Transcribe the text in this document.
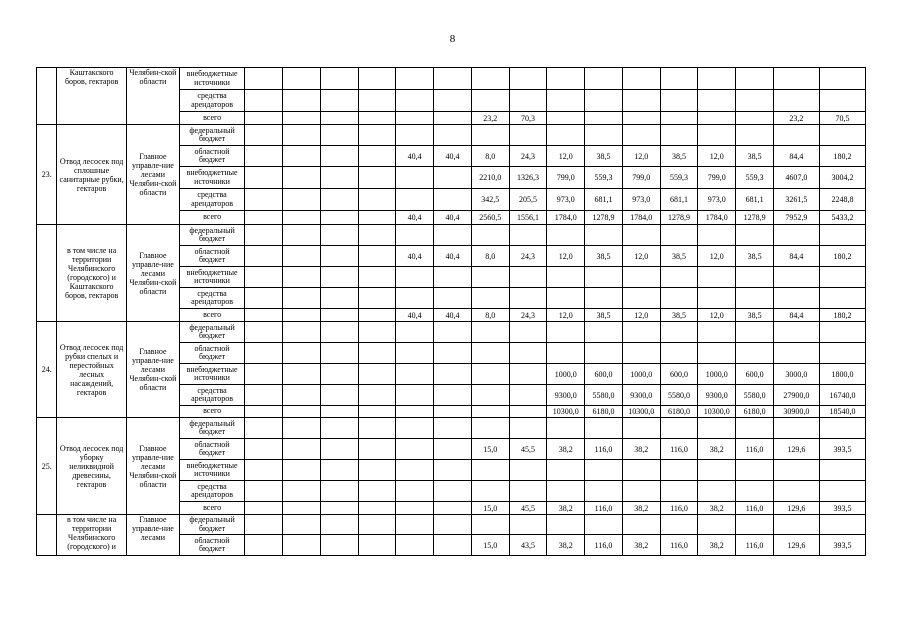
8
	Каштакского боров, гектаров	Челябин-ской области	внебюджетные источники																
			средства арендаторов																
			всего							23,2	70,3							23,2	70,5
23.	Отвод лесосек под сплошные санитарные рубки, гектаров	Главное управле-ние лесами Челябин-ской области	федеральный бюджет																
			областной бюджет					40,4	40,4	8,0	24,3	12,0	38,5	12,0	38,5	12,0	38,5	84,4	180,2
			внебюджетные источники							2210,0	1326,3	799,0	559,3	799,0	559,3	799,0	559,3	4607,0	3004,2
			средства арендаторов							342,5	205,5	973,0	681,1	973,0	681,1	973,0	681,1	3261,5	2248,8
			всего					40,4	40,4	2560,5	1556,1	1784,0	1278,9	1784,0	1278,9	1784,0	1278,9	7952,9	5433,2
	в том числе на территории Челябинского (городского) и Каштакского боров, гектаров	Главное управле-ние лесами Челябин-ской области	федеральный бюджет																
			областной бюджет					40,4	40,4	8,0	24,3	12,0	38,5	12,0	38,5	12,0	38,5	84,4	180,2
			внебюджетные источники																
			средства арендаторов																
			всего					40,4	40,4	8,0	24,3	12,0	38,5	12,0	38,5	12,0	38,5	84,4	180,2
24.	Отвод лесосек под рубки спелых и перестойных лесных насаждений, гектаров	Главное управле-ние лесами Челябин-ской области	федеральный бюджет																
			областной бюджет																
			внебюджетные источники									1000,0	600,0	1000,0	600,0	1000,0	600,0	3000,0	1800,0
			средства арендаторов									9300,0	5580,0	9300,0	5580,0	9300,0	5580,0	27900,0	16740,0
			всего									10300,0	6180,0	10300,0	6180,0	10300,0	6180,0	30900,0	18540,0
25.	Отвод лесосек под уборку неликвидной древесины, гектаров	Главное управле-ние лесами Челябин-ской области	федеральный бюджет																
			областной бюджет							15,0	45,5	38,2	116,0	38,2	116,0	38,2	116,0	129,6	393,5
			внебюджетные источники																
			средства арендаторов																
			всего							15,0	45,5	38,2	116,0	38,2	116,0	38,2	116,0	129,6	393,5
	в том числе на территории Челябинского (городского) и	Главное управле-ние лесами	федеральный бюджет																
			областной бюджет							15,0	43,5	38,2	116,0	38,2	116,0	38,2	116,0	129,6	393,5
